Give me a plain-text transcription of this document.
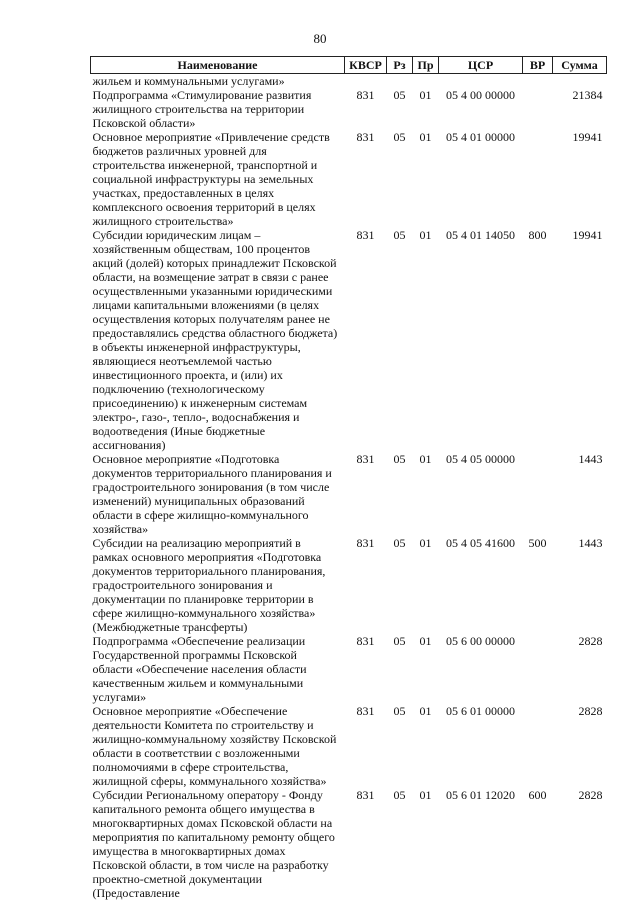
80
Наименование	КВСР	Рз	Пр	ЦСР	ВР	Сумма
жильем и коммунальными услугами»						
Подпрограмма «Стимулирование развития жилищного строительства на территории Псковской области»	831	05	01	05 4 00 00000		21384
Основное мероприятие «Привлечение средств бюджетов различных уровней для строительства инженерной, транспортной и социальной инфраструктуры на земельных участках, предоставленных в целях комплексного освоения территорий в целях жилищного строительства»	831	05	01	05 4 01 00000		19941
Субсидии юридическим лицам – хозяйственным обществам, 100 процентов акций (долей) которых принадлежит Псковской области, на возмещение затрат в связи с ранее осуществленными указанными юридическими лицами капитальными вложениями (в целях осуществления которых получателям ранее не предоставлялись средства областного бюджета) в объекты инженерной инфраструктуры, являющиеся неотъемлемой частью инвестиционного проекта, и (или) их подключению (технологическому присоединению) к инженерным системам электро-, газо-, тепло-, водоснабжения и водоотведения (Иные бюджетные ассигнования)	831	05	01	05 4 01 14050	800	19941
Основное мероприятие «Подготовка документов территориального планирования и градостроительного зонирования (в том числе изменений) муниципальных образований области в сфере жилищно-коммунального хозяйства»	831	05	01	05 4 05 00000		1443
Субсидии на реализацию мероприятий в рамках основного мероприятия «Подготовка документов территориального планирования, градостроительного зонирования и документации по планировке территории в сфере жилищно-коммунального хозяйства» (Межбюджетные трансферты)	831	05	01	05 4 05 41600	500	1443
Подпрограмма «Обеспечение реализации Государственной программы Псковской области «Обеспечение населения области качественным жильем и коммунальными услугами»	831	05	01	05 6 00 00000		2828
Основное мероприятие «Обеспечение деятельности Комитета по строительству и жилищно-коммунальному хозяйству Псковской области в соответствии с возложенными полномочиями в сфере строительства, жилищной сферы, коммунального хозяйства»	831	05	01	05 6 01 00000		2828
Субсидии Региональному оператору - Фонду капитального ремонта общего имущества в многоквартирных домах Псковской области на мероприятия по капитальному ремонту общего имущества в многоквартирных домах Псковской области, в том числе на разработку проектно-сметной документации (Предоставление	831	05	01	05 6 01 12020	600	2828
